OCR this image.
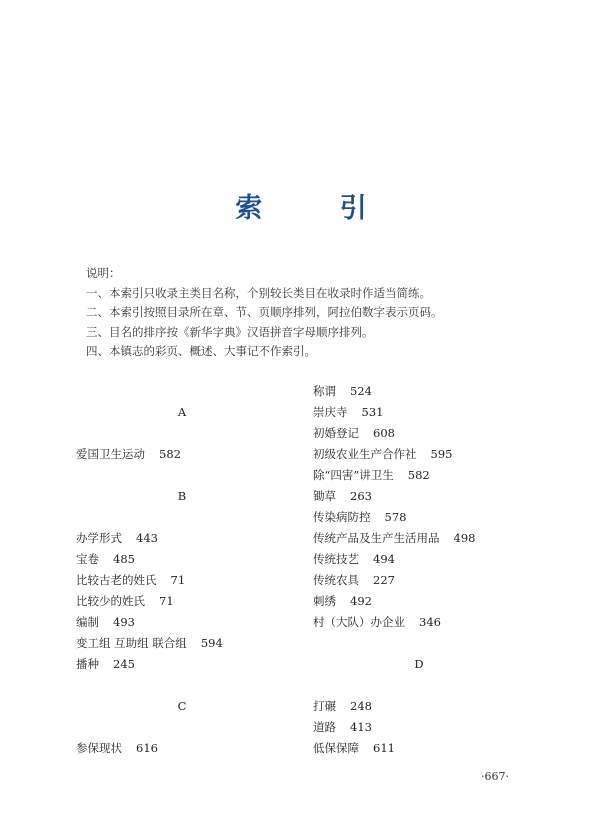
索 引
说明：
一、本索引只收录主类目名称，个别较长类目在收录时作适当简练。
二、本索引按照目录所在章、节、页顺序排列，阿拉伯数字表示页码。
三、目名的排序按《新华字典》汉语拼音字母顺序排列。
四、本镇志的彩页、概述、大事记不作索引。
A
爱国卫生运动 582
B
办学形式 443
宝卷 485
比较古老的姓氏 71
比较少的姓氏 71
编制 493
变工组 互助组 联合组 594
播种 245
C
参保现状 616
称谓 524
崇庆寺 531
初婚登记 608
初级农业生产合作社 595
除“四害”讲卫生 582
锄草 263
传染病防控 578
传统产品及生产生活用品 498
传统技艺 494
传统农具 227
刺绣 492
村（大队）办企业 346
D
打碾 248
道路 413
低保保障 611
·667·
